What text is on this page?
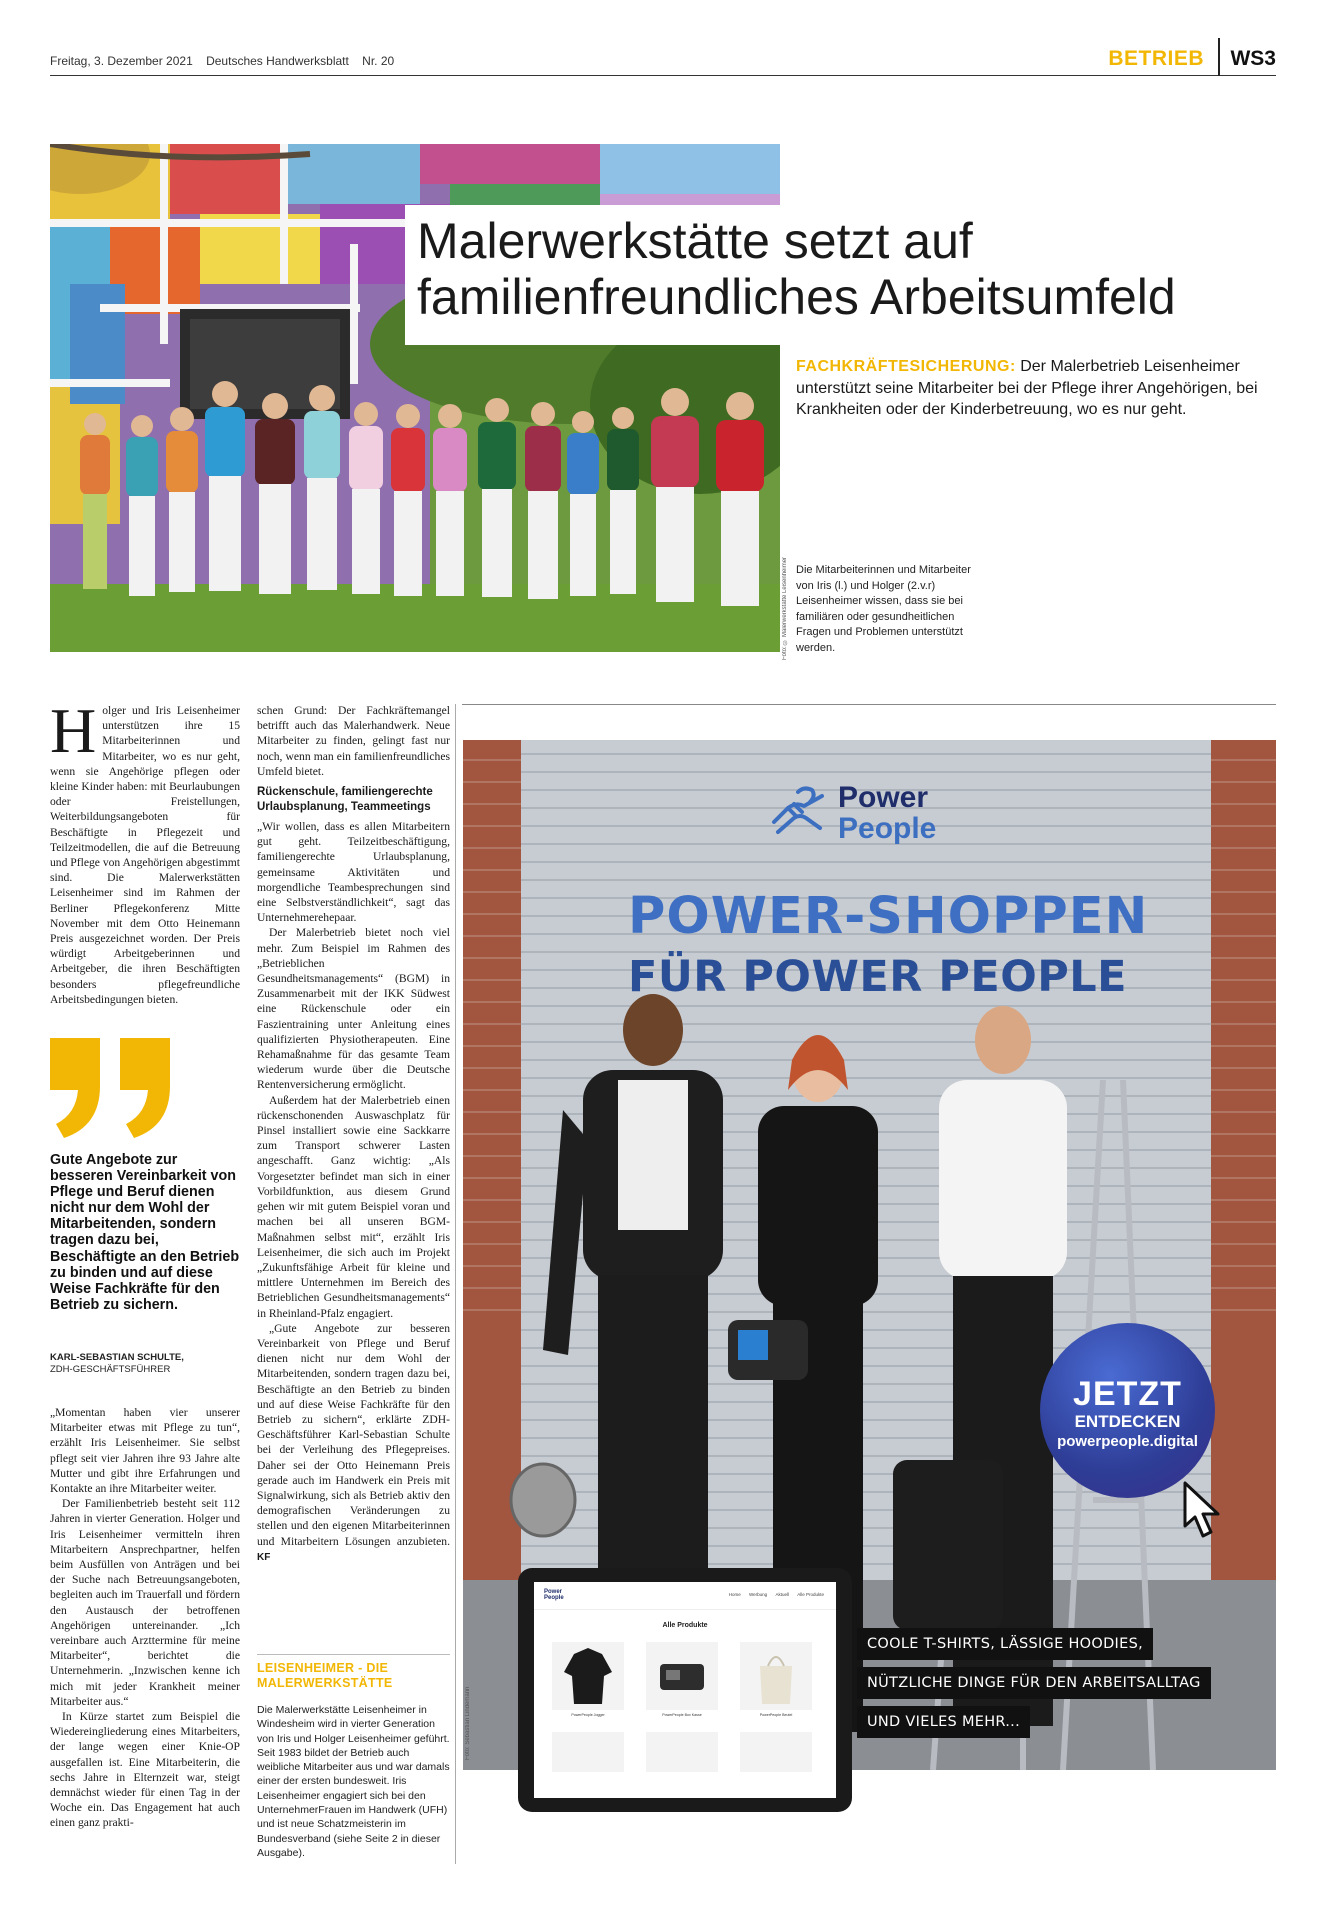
Freitag, 3. Dezember 2021 Deutsches Handwerksblatt Nr. 20	BETRIEB WS3
Malerwerkstätte setzt auf
familienfreundliches Arbeitsumfeld
FACHKRÄFTESICHERUNG: Der Malerbetrieb Leisenheimer unterstützt seine Mitarbeiter bei der Pflege ihrer Angehörigen, bei Krankheiten oder der Kinderbetreuung, wo es nur geht.
Foto: © Malerwerkstätte Leisenheimer Die Mitarbeiterinnen und Mitarbeiter von Iris (l.) und Holger (2.v.r) Leisenheimer wissen, dass sie bei familiären oder gesundheitlichen Fragen und Problemen unterstützt werden.

Holger und Iris Leisenheimer unterstützen ihre 15 Mitarbeiterinnen und Mitarbeiter, wo es nur geht, wenn sie Angehörige pflegen oder kleine Kinder haben: mit Beurlaubungen oder Freistellungen, Weiterbildungsangeboten für Beschäftigte in Pflegezeit und Teilzeitmodellen, die auf die Betreuung und Pflege von Angehörigen abgestimmt sind. Die Malerwerkstätten Leisenheimer sind im Rahmen der Berliner Pflegekonferenz Mitte November mit dem Otto Heinemann Preis ausgezeichnet worden. Der Preis würdigt Arbeitgeberinnen und Arbeitgeber, die ihren Beschäftigten besonders pflegefreundliche Arbeitsbedingungen bieten.

Gute Angebote zur besseren Vereinbarkeit von Pflege und Beruf dienen nicht nur dem Wohl der Mitarbeitenden, sondern tragen dazu bei, Beschäftigte an den Betrieb zu binden und auf diese Weise Fachkräfte für den Betrieb zu sichern.
KARL-SEBASTIAN SCHULTE,
ZDH-GESCHÄFTSFÜHRER

„Momentan haben vier unserer Mitarbeiter etwas mit Pflege zu tun“, erzählt Iris Leisenheimer. Sie selbst pflegt seit vier Jahren ihre 93 Jahre alte Mutter und gibt ihre Erfahrungen und Kontakte an ihre Mitarbeiter weiter.

Der Familienbetrieb besteht seit 112 Jahren in vierter Generation. Holger und Iris Leisenheimer vermitteln ihren Mitarbeitern Ansprechpartner, helfen beim Ausfüllen von Anträgen und bei der Suche nach Betreuungsangeboten, begleiten auch im Trauerfall und fördern den Austausch der betroffenen Angehörigen untereinander. „Ich vereinbare auch Arzttermine für meine Mitarbeiter“, berichtet die Unternehmerin. „Inzwischen kenne ich mich mit jeder Krankheit meiner Mitarbeiter aus.“

In Kürze startet zum Beispiel die Wiedereingliederung eines Mitarbeiters, der lange wegen einer Knie-OP ausgefallen ist. Eine Mitarbeiterin, die sechs Jahre in Elternzeit war, steigt demnächst wieder für einen Tag in der Woche ein. Das Engagement hat auch einen ganz prakti-

schen Grund: Der Fachkräftemangel betrifft auch das Malerhandwerk. Neue Mitarbeiter zu finden, gelingt fast nur noch, wenn man ein familienfreundliches Umfeld bietet.

Rückenschule, familiengerechte Urlaubsplanung, Teammeetings

„Wir wollen, dass es allen Mitarbeitern gut geht. Teilzeitbeschäftigung, familiengerechte Urlaubsplanung, gemeinsame Aktivitäten und morgendliche Teambesprechungen sind eine Selbstverständlichkeit“, sagt das Unternehmerehepaar.

Der Malerbetrieb bietet noch viel mehr. Zum Beispiel im Rahmen des „Betrieblichen Gesundheitsmanagements“ (BGM) in Zusammenarbeit mit der IKK Südwest eine Rückenschule oder ein Faszientraining unter Anleitung eines qualifizierten Physiotherapeuten. Eine Rehamaßnahme für das gesamte Team wiederum wurde über die Deutsche Rentenversicherung ermöglicht.

Außerdem hat der Malerbetrieb einen rückenschonenden Auswaschplatz für Pinsel installiert sowie eine Sackkarre zum Transport schwerer Lasten angeschafft. Ganz wichtig: „Als Vorgesetzter befindet man sich in einer Vorbildfunktion, aus diesem Grund gehen wir mit gutem Beispiel voran und machen bei all unseren BGM-Maßnahmen selbst mit“, erzählt Iris Leisenheimer, die sich auch im Projekt „Zukunftsfähige Arbeit für kleine und mittlere Unternehmen im Bereich des Betrieblichen Gesundheitsmanagements“ in Rheinland-Pfalz engagiert.

„Gute Angebote zur besseren Vereinbarkeit von Pflege und Beruf dienen nicht nur dem Wohl der Mitarbeitenden, sondern tragen dazu bei, Beschäftigte an den Betrieb zu binden und auf diese Weise Fachkräfte für den Betrieb zu sichern“, erklärte ZDH-Geschäftsführer Karl-Sebastian Schulte bei der Verleihung des Pflegepreises. Daher sei der Otto Heinemann Preis gerade auch im Handwerk ein Preis mit Signalwirkung, sich als Betrieb aktiv den demografischen Veränderungen zu stellen und den eigenen Mitarbeiterinnen und Mitarbeitern Lösungen anzubieten. KF

LEISENHEIMER - DIE MALERWERKSTÄTTE
Die Malerwerkstätte Leisenheimer in Windesheim wird in vierter Generation von Iris und Holger Leisenheimer geführt. Seit 1983 bildet der Betrieb auch weibliche Mitarbeiter aus und war damals einer der ersten bundesweit. Iris Leisenheimer engagiert sich bei den UnternehmerFrauen im Handwerk (UFH) und ist neue Schatzmeisterin im Bundesverband (siehe Seite 2 in dieser Ausgabe).
Foto: Sebastian Lindemann
Power
People
POWER-SHOPPEN
FÜR POWER PEOPLE
JETZT
ENTDECKEN
powerpeople.digital
Power
People
Home Werbung Aktuell Alle Produkte
Alle Produkte
PowerPeople Jogger	PowerPeople Box Kasse	PowerPeople Beutel
COOLE T-SHIRTS, LÄSSIGE HOODIES,
NÜTZLICHE DINGE FÜR DEN ARBEITSALLTAG
UND VIELES MEHR...
